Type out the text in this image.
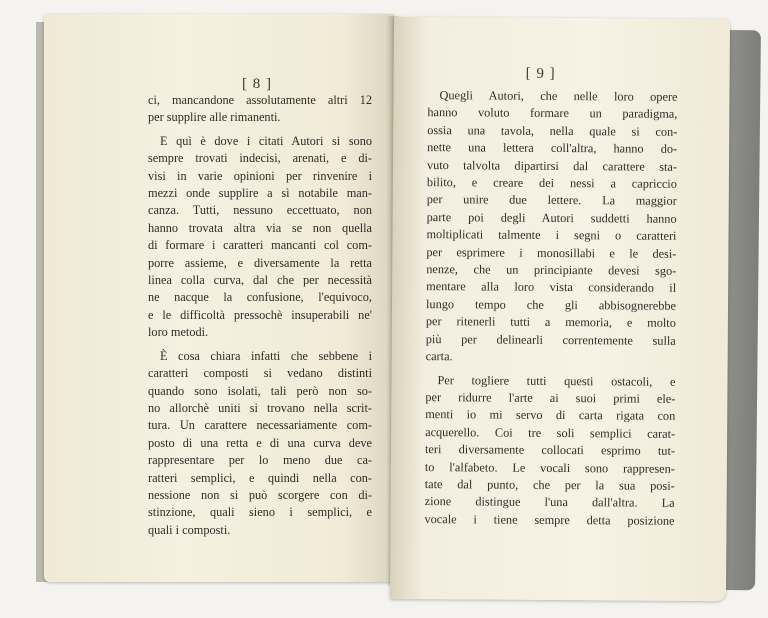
[ 8 ]

ci, mancandone assolutamente altri 12
per supplire alle rimanenti.

E quì è dove i citati Autori si sono
sempre trovati indecisi, arenati, e di-
visi in varie opinioni per rinvenire i
mezzi onde supplire a sì notabile man-
canza. Tutti, nessuno eccettuato, non
hanno trovata altra via se non quella
di formare i caratteri mancanti col com-
porre assieme, e diversamente la retta
linea colla curva, dal che per necessità
ne nacque la confusione, l'equivoco,
e le difficoltà pressochè insuperabili ne'
loro metodi.

È cosa chiara infatti che sebbene i
caratteri composti si vedano distinti
quando sono isolati, tali però non so-
no allorchè uniti si trovano nella scrit-
tura. Un carattere necessariamente com-
posto di una retta e di una curva deve
rappresentare per lo meno due ca-
ratteri semplici, e quindi nella con-
nessione non si può scorgere con di-
stinzione, quali sieno i semplici, e
quali i composti.

[ 9 ]

Quegli Autori, che nelle loro opere
hanno voluto formare un paradigma,
ossia una tavola, nella quale si con-
nette una lettera coll'altra, hanno do-
vuto talvolta dipartirsi dal carattere sta-
bilito, e creare dei nessi a capriccio
per unire due lettere. La maggior
parte poi degli Autori suddetti hanno
moltiplicati talmente i segni o caratteri
per esprimere i monosillabi e le desi-
nenze, che un principiante devesi sgo-
mentare alla loro vista considerando il
lungo tempo che gli abbisognerebbe
per ritenerli tutti a memoria, e molto
più per delinearli correntemente sulla
carta.

Per togliere tutti questi ostacoli, e
per ridurre l'arte ai suoi primi ele-
menti io mi servo di carta rigata con
acquerello. Coi tre soli semplici carat-
teri diversamente collocati esprimo tut-
to l'alfabeto. Le vocali sono rappresen-
tate dal punto, che per la sua posi-
zione distingue l'una dall'altra. La
vocale i tiene sempre detta posizione
